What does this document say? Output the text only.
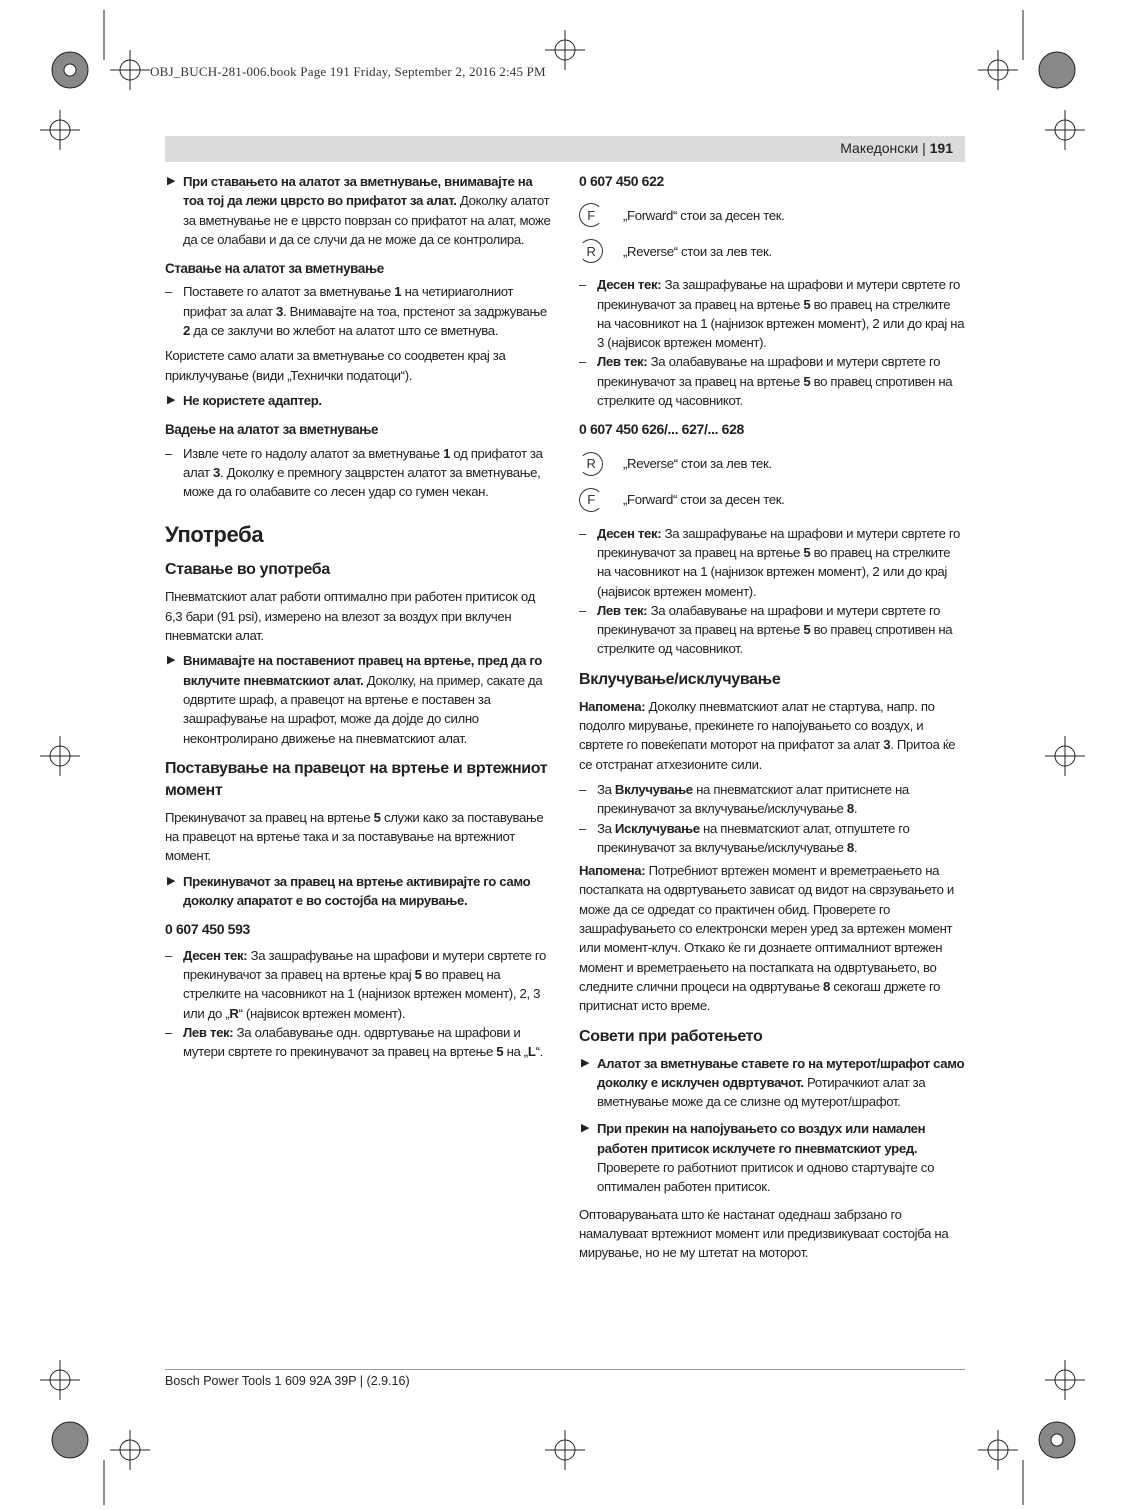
OBJ_BUCH-281-006.book Page 191 Friday, September 2, 2016 2:45 PM
Македонски | 191
▶ При ставањето на алатот за вметнување, внимавајте на тоа тој да лежи цврсто во прифатот за алат. Доколку алатот за вметнување не е цврсто поврзан со прифатот на алат, може да се олабави и да се случи да не може да се контролира.
Ставање на алатот за вметнување
– Поставете го алатот за вметнување 1 на четириаголниот прифат за алат 3. Внимавајте на тоа, прстенот за задржување 2 да се заклучи во жлебот на алатот што се вметнува.

Користете само алати за вметнување со соодветен крај за приклучување (види „Технички податоци“).

▶ Не користете адаптер.
Вадење на алатот за вметнување
– Извле чете го надолу алатот за вметнување 1 од прифатот за алат 3. Доколку е премногу зацврстен алатот за вметнување, може да го олабавите со лесен удар со гумен чекан.
Употреба
Ставање во употреба

Пневматскиот алат работи оптимално при работен притисок од 6,3 бари (91 psi), измерено на влезот за воздух при вклучен пневматски алат.

▶ Внимавајте на поставениот правец на вртење, пред да го вклучите пневматскиот алат. Доколку, на пример, сакате да одвртите шраф, а правецот на вртење е поставен за зашрафување на шрафот, може да дојде до силно неконтролирано движење на пневматскиот алат.
Поставување на правецот на вртење и вртежниот момент

Прекинувачот за правец на вртење 5 служи како за поставување на правецот на вртење така и за поставување на вртежниот момент.

▶ Прекинувачот за правец на вртење активирајте го само доколку апаратот е во состојба на мирување.
0 607 450 593
– Десен тек: За зашрафување на шрафови и мутери свртете го прекинувачот за правец на вртење крај 5 во правец на стрелките на часовникот на 1 (најнизок вртежен момент), 2, 3 или до „R“ (највисок вртежен момент).
– Лев тек: За олабавување одн. одвртување на шрафови и мутери свртете го прекинувачот за правец на вртење 5 на „L“.
0 607 450 622
F	„Forward“ стои за десен тек.
R	„Reverse“ стои за лев тек.
– Десен тек: За зашрафување на шрафови и мутери свртете го прекинувачот за правец на вртење 5 во правец на стрелките на часовникот на 1 (најнизок вртежен момент), 2 или до крај на 3 (највисок вртежен момент).
– Лев тек: За олабавување на шрафови и мутери свртете го прекинувачот за правец на вртење 5 во правец спротивен на стрелките од часовникот.
0 607 450 626/... 627/... 628
R	„Reverse“ стои за лев тек.
F	„Forward“ стои за десен тек.
– Десен тек: За зашрафување на шрафови и мутери свртете го прекинувачот за правец на вртење 5 во правец на стрелките на часовникот на 1 (најнизок вртежен момент), 2 или до крај (највисок вртежен момент).
– Лев тек: За олабавување на шрафови и мутери свртете го прекинувачот за правец на вртење 5 во правец спротивен на стрелките од часовникот.
Вклучување/исклучување

Напомена: Доколку пневматскиот алат не стартува, напр. по подолго мирување, прекинете го напојувањето со воздух, и свртете го повеќепати моторот на прифатот за алат 3. Притоа ќе се отстранат атхезионите сили.

– За Вклучување на пневматскиот алат притиснете на прекинувачот за вклучување/исклучување 8.
– За Исклучување на пневматскиот алат, отпуштете го прекинувачот за вклучување/исклучување 8.

Напомена: Потребниот вртежен момент и времетраењето на постапката на одвртувањето зависат од видот на сврзувањето и може да се одредат со практичен обид. Проверете го зашрафувањето со електронски мерен уред за вртежен момент или момент-клуч. Откако ќе ги дознаете оптималниот вртежен момент и времетраењето на постапката на одвртувањето, во следните слични процеси на одвртување 8 секогаш држете го притиснат исто време.

Совети при работењето
▶ Алатот за вметнување ставете го на мутерот/шрафот само доколку е исклучен одвртувачот. Ротирачкиот алат за вметнување може да се слизне од мутерот/шрафот.
▶ При прекин на напојувањето со воздух или намален работен притисок исклучете го пневматскиот уред. Проверете го работниот притисок и одново стартувајте со оптимален работен притисок.

Оптоварувањата што ќе настанат одеднаш забрзано го намалуваат вртежниот момент или предизвикуваат состојба на мирување, но не му штетат на моторот.

Bosch Power Tools 1 609 92A 39P | (2.9.16)
